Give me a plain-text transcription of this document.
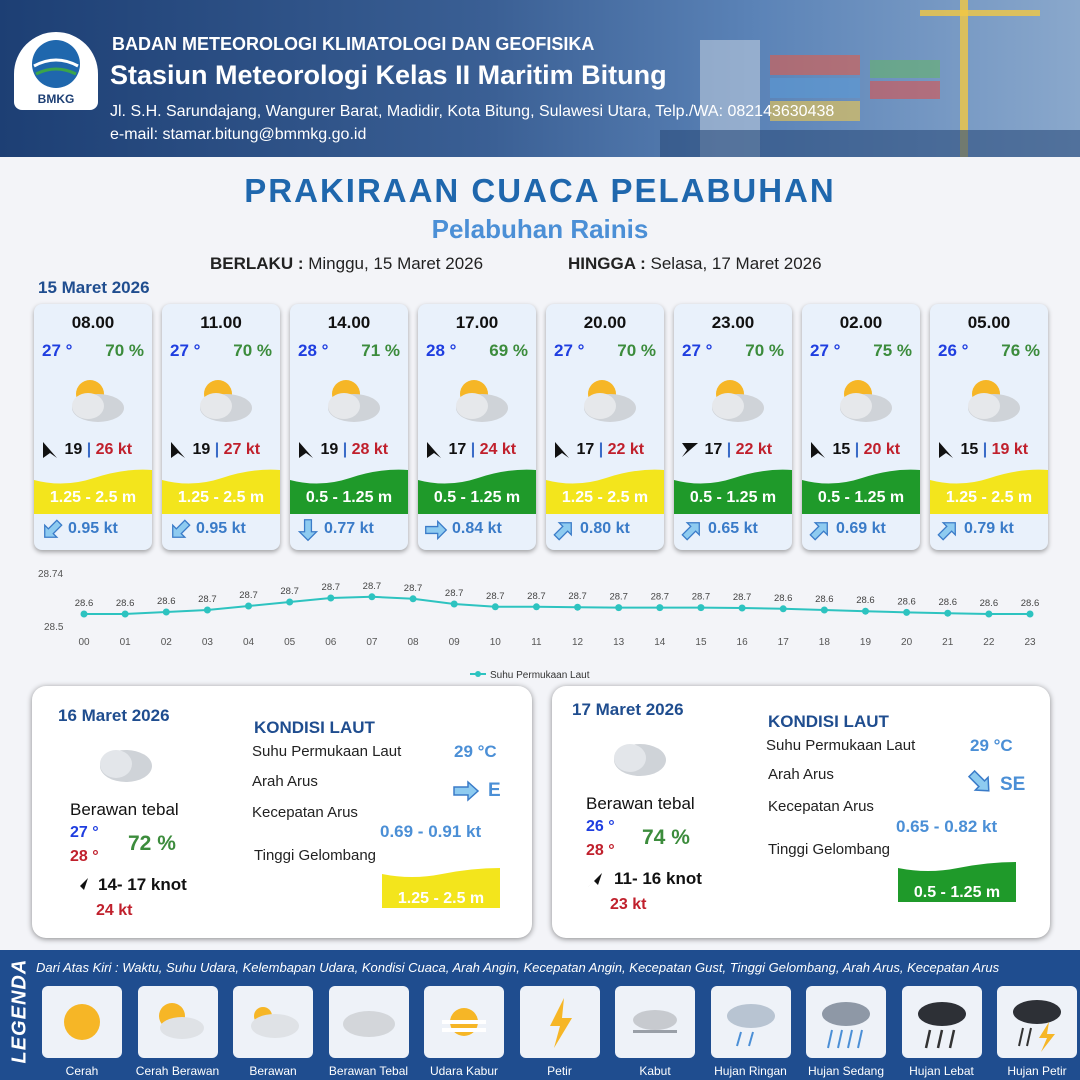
BMKG
BADAN METEOROLOGI KLIMATOLOGI DAN GEOFISIKA
Stasiun Meteorologi Kelas II Maritim Bitung
Jl. S.H. Sarundajang, Wangurer Barat, Madidir, Kota Bitung, Sulawesi Utara, Telp./WA: 082143630438
e-mail: stamar.bitung@bmmkg.go.id
PRAKIRAAN CUACA PELABUHAN
Pelabuhan Rainis
BERLAKU : Minggu, 15 Maret 2026	HINGGA : Selasa, 17 Maret 2026
15 Maret 2026
08.00
27 ° 70 %
19 | 26 kt
1.25 - 2.5 m
0.95 kt
11.00
27 ° 70 %
19 | 27 kt
1.25 - 2.5 m
0.95 kt
14.00
28 ° 71 %
19 | 28 kt
0.5 - 1.25 m
0.77 kt
17.00
28 ° 69 %
17 | 24 kt
0.5 - 1.25 m
0.84 kt
20.00
27 ° 70 %
17 | 22 kt
1.25 - 2.5 m
0.80 kt
23.00
27 ° 70 %
17 | 22 kt
0.5 - 1.25 m
0.65 kt
02.00
27 ° 75 %
15 | 20 kt
0.5 - 1.25 m
0.69 kt
05.00
26 ° 76 %
15 | 19 kt
1.25 - 2.5 m
0.79 kt
28.74
28.5
28.6
00
28.6
01
28.6
02
28.7
03
28.7
04
28.7
05
28.7
06
28.7
07
28.7
08
28.7
09
28.7
10
28.7
11
28.7
12
28.7
13
28.7
14
28.7
15
28.7
16
28.6
17
28.6
18
28.6
19
28.6
20
28.6
21
28.6
22
28.6
23
Suhu Permukaan Laut
16 Maret 2026
Berawan tebal
27 °
28 °
72 %
14- 17 knot
24 kt
KONDISI LAUT
Suhu Permukaan Laut	29 °C
Arah Arus	E
Kecepatan Arus
0.69 - 0.91 kt
Tinggi Gelombang
1.25 - 2.5 m
17 Maret 2026
Berawan tebal
26 °
28 °
74 %
11- 16 knot
23 kt
KONDISI LAUT
Suhu Permukaan Laut	29 °C
Arah Arus	SE
Kecepatan Arus
0.65 - 0.82 kt
Tinggi Gelombang
0.5 - 1.25 m
LEGENDA Dari Atas Kiri : Waktu, Suhu Udara, Kelembapan Udara, Kondisi Cuaca, Arah Angin, Kecepatan Angin, Kecepatan Gust, Tinggi Gelombang, Arah Arus, Kecepatan Arus
Cerah	Cerah Berawan	Berawan	Berawan Tebal	Udara Kabur	Petir	Kabut	Hujan Ringan	Hujan Sedang	Hujan Lebat	Hujan Petir
